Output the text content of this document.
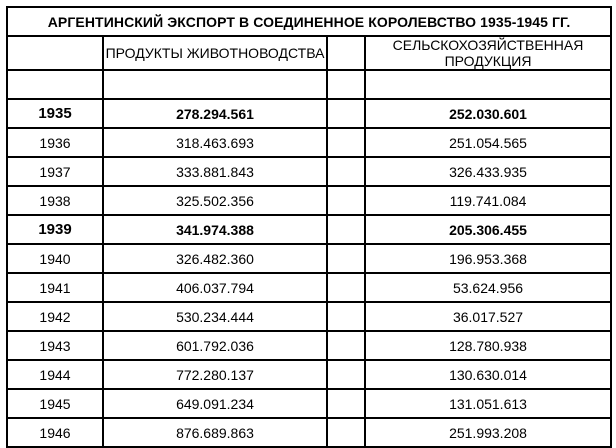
АРГЕНТИНСКИЙ ЭКСПОРТ В СОЕДИНЕННОЕ КОРОЛЕВСТВО 1935-1945 ГГ.			
	ПРОДУКТЫ ЖИВОТНОВОДСТВА		СЕЛЬСКОХОЗЯЙСТВЕННАЯ ПРОДУКЦИЯ

1935	278.294.561		252.030.601
1936	318.463.693		251.054.565
1937	333.881.843		326.433.935
1938	325.502.356		119.741.084
1939	341.974.388		205.306.455
1940	326.482.360		196.953.368
1941	406.037.794		53.624.956
1942	530.234.444		36.017.527
1943	601.792.036		128.780.938
1944	772.280.137		130.630.014
1945	649.091.234		131.051.613
1946	876.689.863		251.993.208
